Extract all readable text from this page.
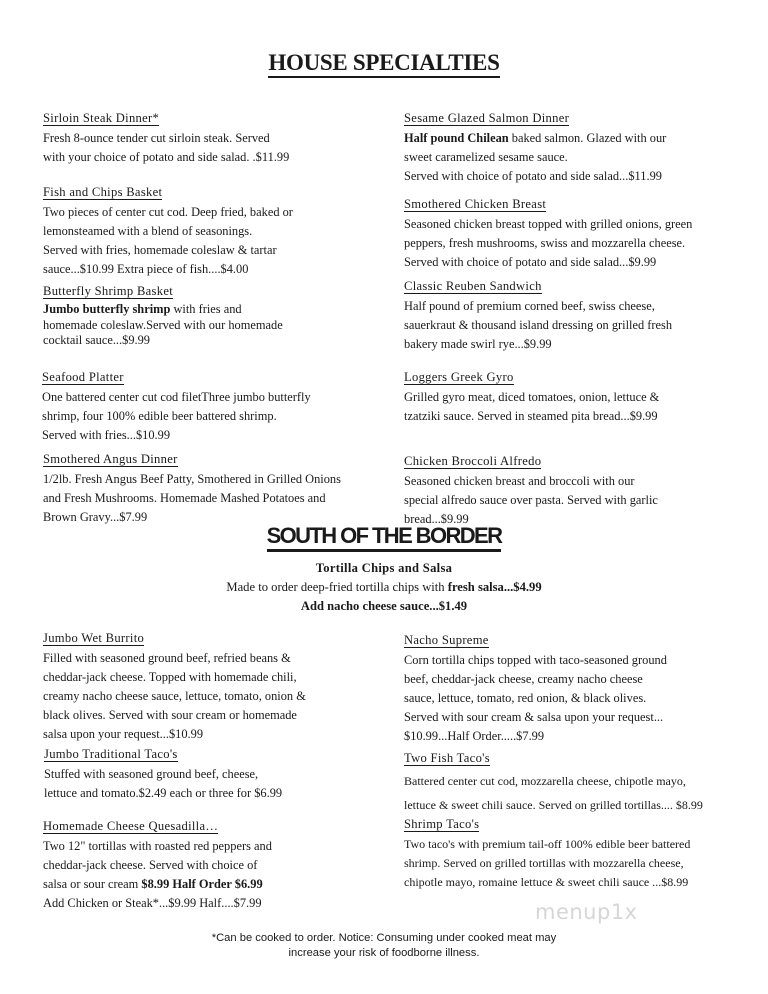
HOUSE SPECIALTIES
Sirloin Steak Dinner*
Fresh 8-ounce tender cut sirloin steak. Served
with your choice of potato and side salad. .$11.99
Fish and Chips Basket
Two pieces of center cut cod. Deep fried, baked or
lemonsteamed with a blend of seasonings.
Served with fries, homemade coleslaw & tartar
sauce...$10.99 Extra piece of fish....$4.00
Butterfly Shrimp Basket
Jumbo butterfly shrimp with fries and
homemade coleslaw.Served with our homemade
cocktail sauce...$9.99
Seafood Platter
One battered center cut cod filetThree jumbo butterfly
shrimp, four 100% edible beer battered shrimp.
Served with fries...$10.99
Smothered Angus Dinner
1/2lb. Fresh Angus Beef Patty, Smothered in Grilled Onions
and Fresh Mushrooms. Homemade Mashed Potatoes and
Brown Gravy...$7.99
Sesame Glazed Salmon Dinner
Half pound Chilean baked salmon. Glazed with our
sweet caramelized sesame sauce.
Served with choice of potato and side salad...$11.99
Smothered Chicken Breast
Seasoned chicken breast topped with grilled onions, green
peppers, fresh mushrooms, swiss and mozzarella cheese.
Served with choice of potato and side salad...$9.99
Classic Reuben Sandwich
Half pound of premium corned beef, swiss cheese,
sauerkraut & thousand island dressing on grilled fresh
bakery made swirl rye...$9.99
Loggers Greek Gyro
Grilled gyro meat, diced tomatoes, onion, lettuce &
tzatziki sauce. Served in steamed pita bread...$9.99
Chicken Broccoli Alfredo
Seasoned chicken breast and broccoli with our
special alfredo sauce over pasta. Served with garlic
bread...$9.99
SOUTH OF THE BORDER
Tortilla Chips and Salsa
Made to order deep-fried tortilla chips with fresh salsa...$4.99
Add nacho cheese sauce...$1.49
Jumbo Wet Burrito
Filled with seasoned ground beef, refried beans &
cheddar-jack cheese. Topped with homemade chili,
creamy nacho cheese sauce, lettuce, tomato, onion &
black olives. Served with sour cream or homemade
salsa upon your request...$10.99
Jumbo Traditional Taco's
Stuffed with seasoned ground beef, cheese,
lettuce and tomato.$2.49 each or three for $6.99
Homemade Cheese Quesadilla…
Two 12" tortillas with roasted red peppers and
cheddar-jack cheese. Served with choice of
salsa or sour cream $8.99 Half Order $6.99
Add Chicken or Steak*...$9.99 Half....$7.99
Nacho Supreme
Corn tortilla chips topped with taco-seasoned ground
beef, cheddar-jack cheese, creamy nacho cheese
sauce, lettuce, tomato, red onion, & black olives.
Served with sour cream & salsa upon your request...
$10.99...Half Order.....$7.99
Two Fish Taco's
Battered center cut cod, mozzarella cheese, chipotle mayo,
lettuce & sweet chili sauce. Served on grilled tortillas.... $8.99
Shrimp Taco's
Two taco's with premium tail-off 100% edible beer battered
shrimp. Served on grilled tortillas with mozzarella cheese,
chipotle mayo, romaine lettuce & sweet chili sauce ...$8.99
menup1x
*Can be cooked to order. Notice: Consuming under cooked meat may
increase your risk of foodborne illness.
